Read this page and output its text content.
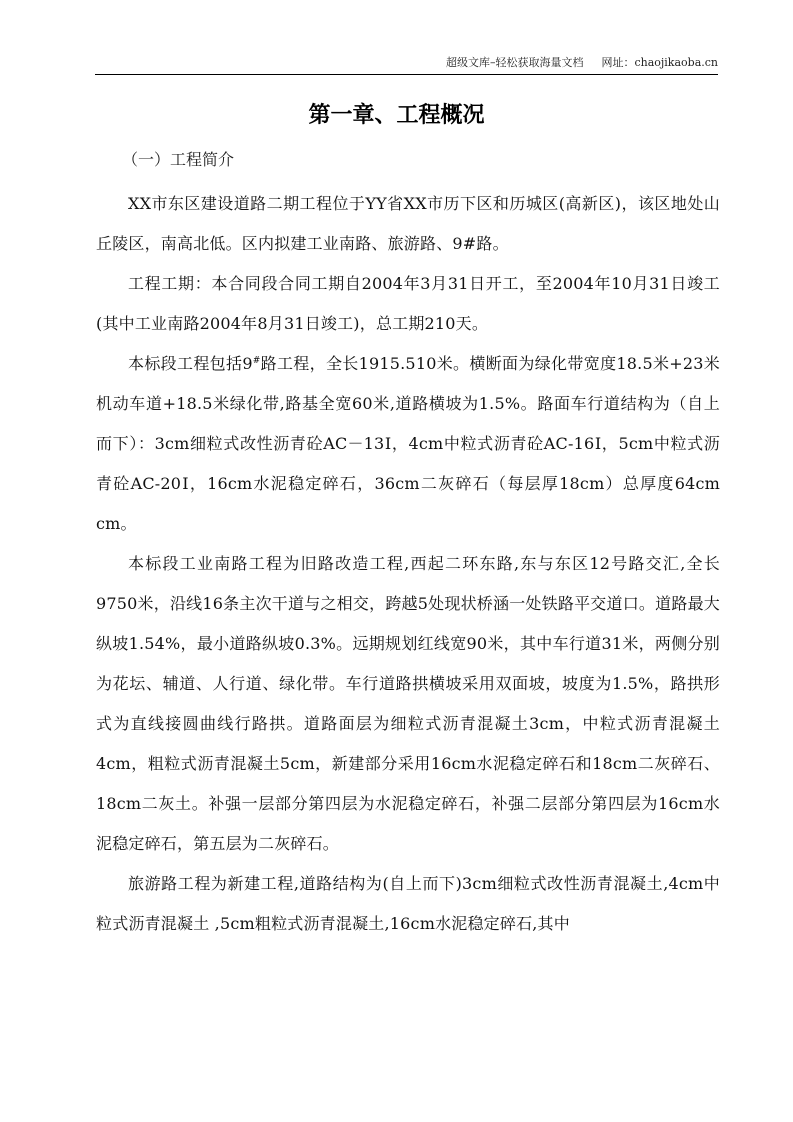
超级文库–轻松获取海量文档 网址：chaojikaoba.cn
第一章、工程概况
（一）工程简介

XX市东区建设道路二期工程位于YY省XX市历下区和历城区(高新区)，该区地处山丘陵区，南高北低。区内拟建工业南路、旅游路、9#路。

工程工期：本合同段合同工期自2004年3月31日开工，至2004年10月31日竣工(其中工业南路2004年8月31日竣工)，总工期210天。

本标段工程包括9#路工程，全长1915.510米。横断面为绿化带宽度18.5米+23米机动车道+18.5米绿化带,路基全宽60米,道路横坡为1.5%。路面车行道结构为（自上而下）：3cm细粒式改性沥青砼AC－13Ⅰ，4cm中粒式沥青砼AC-16Ⅰ，5cm中粒式沥青砼AC-20Ⅰ，16cm水泥稳定碎石，36cm二灰碎石（每层厚18cm）总厚度64cm cm。

本标段工业南路工程为旧路改造工程,西起二环东路,东与东区12号路交汇,全长9750米，沿线16条主次干道与之相交，跨越5处现状桥涵一处铁路平交道口。道路最大纵坡1.54%，最小道路纵坡0.3%。远期规划红线宽90米，其中车行道31米，两侧分别为花坛、辅道、人行道、绿化带。车行道路拱横坡采用双面坡，坡度为1.5%，路拱形式为直线接圆曲线行路拱。道路面层为细粒式沥青混凝土3cm，中粒式沥青混凝土4cm，粗粒式沥青混凝土5cm，新建部分采用16cm水泥稳定碎石和18cm二灰碎石、18cm二灰土。补强一层部分第四层为水泥稳定碎石，补强二层部分第四层为16cm水泥稳定碎石，第五层为二灰碎石。

旅游路工程为新建工程,道路结构为(自上而下)3cm细粒式改性沥青混凝土,4cm中粒式沥青混凝土 ,5cm粗粒式沥青混凝土,16cm水泥稳定碎石,其中
